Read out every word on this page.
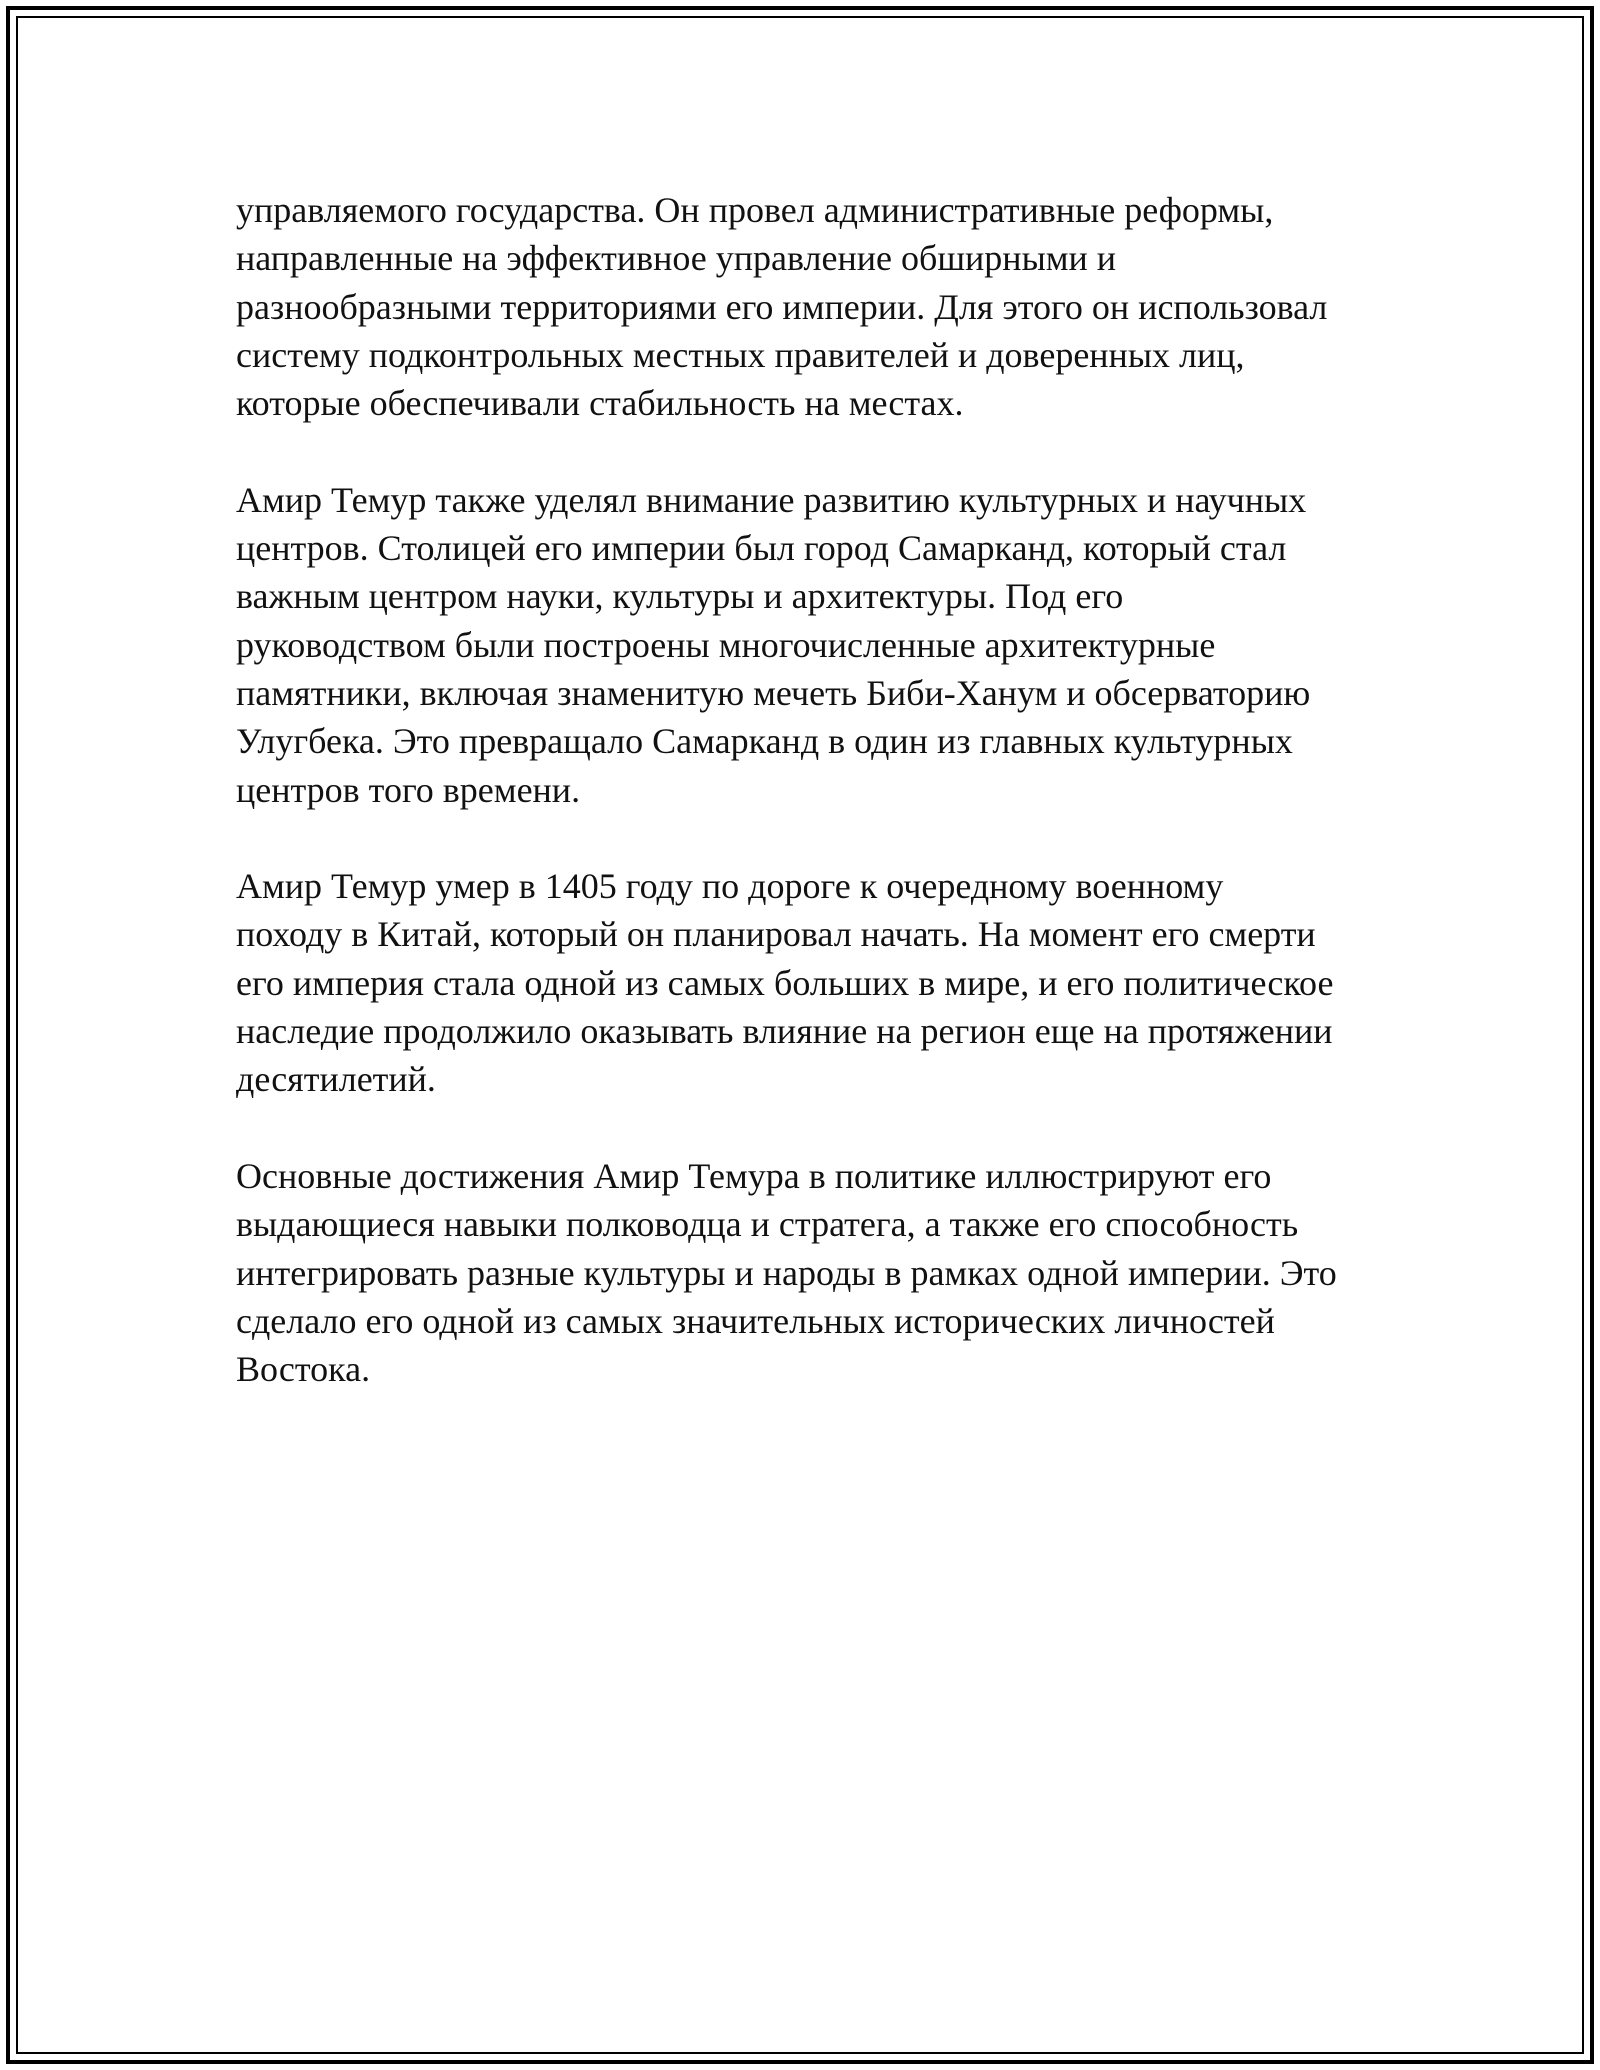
управляемого государства. Он провел административные реформы,
направленные на эффективное управление обширными и
разнообразными территориями его империи. Для этого он использовал
систему подконтрольных местных правителей и доверенных лиц,
которые обеспечивали стабильность на местах.

Амир Темур также уделял внимание развитию культурных и научных
центров. Столицей его империи был город Самарканд, который стал
важным центром науки, культуры и архитектуры. Под его
руководством были построены многочисленные архитектурные
памятники, включая знаменитую мечеть Биби-Ханум и обсерваторию
Улугбека. Это превращало Самарканд в один из главных культурных
центров того времени.

Амир Темур умер в 1405 году по дороге к очередному военному
походу в Китай, который он планировал начать. На момент его смерти
его империя стала одной из самых больших в мире, и его политическое
наследие продолжило оказывать влияние на регион еще на протяжении
десятилетий.

Основные достижения Амир Темура в политике иллюстрируют его
выдающиеся навыки полководца и стратега, а также его способность
интегрировать разные культуры и народы в рамках одной империи. Это
сделало его одной из самых значительных исторических личностей
Востока.
